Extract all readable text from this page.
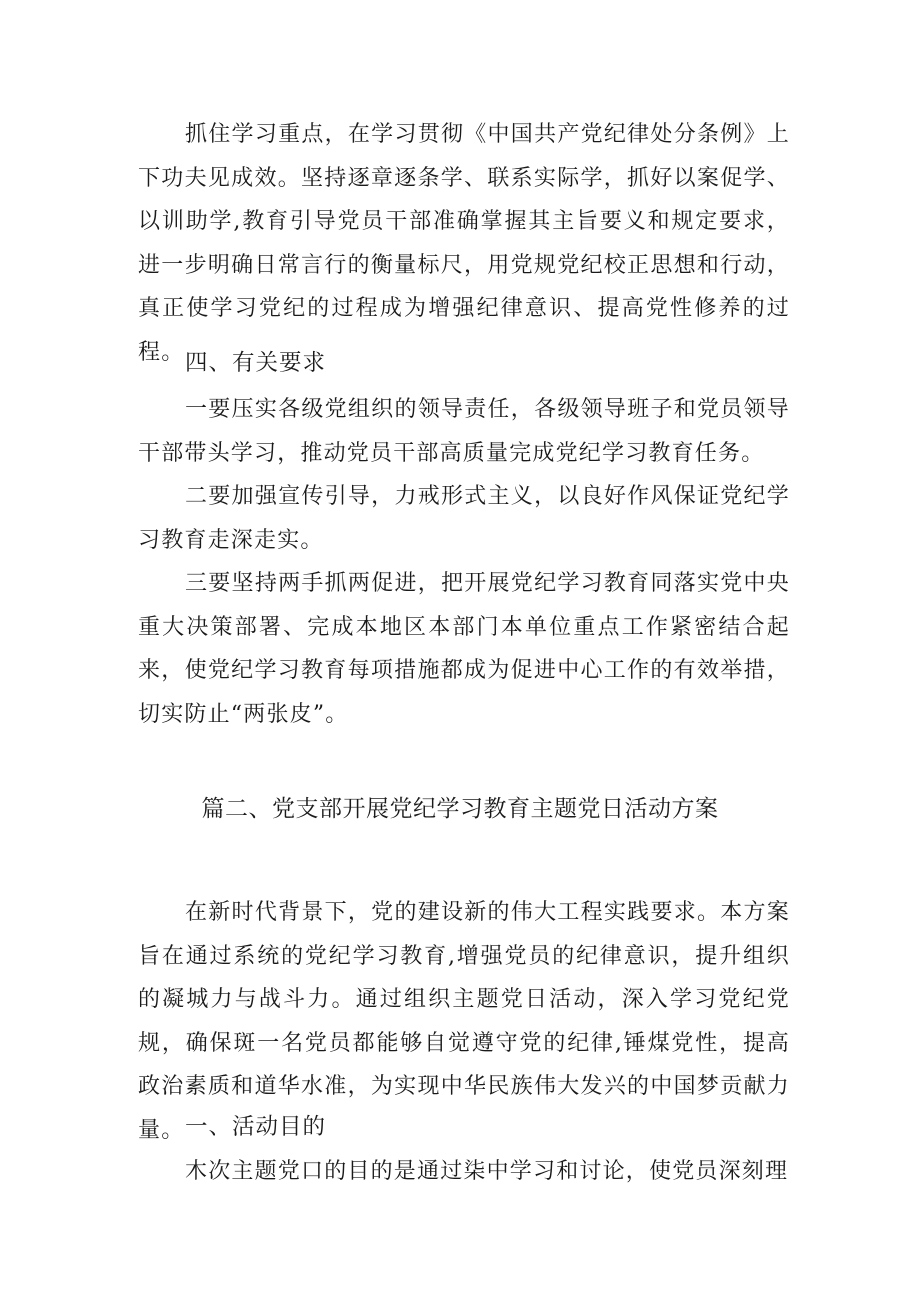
抓住学习重点，在学习贯彻《中国共产党纪律处分条例》上下功夫见成效。坚持逐章逐条学、联系实际学，抓好以案促学、以训助学,教育引导党员干部准确掌握其主旨要义和规定要求，进一步明确日常言行的衡量标尺，用党规党纪校正思想和行动，真正使学习党纪的过程成为增强纪律意识、提高党性修养的过程。 四、有关要求

一要压实各级党组织的领导责任，各级领导班子和党员领导干部带头学习，推动党员干部高质量完成党纪学习教育任务。

二要加强宣传引导，力戒形式主义，以良好作风保证党纪学习教育走深走实。

三要坚持两手抓两促进，把开展党纪学习教育同落实党中央重大决策部署、完成本地区本部门本单位重点工作紧密结合起来，使党纪学习教育每项措施都成为促进中心工作的有效举措，切实防止“两张皮”。

篇二、党支部开展党纪学习教育主题党日活动方案

在新时代背景下，党的建设新的伟大工程实践要求。本方案旨在通过系统的党纪学习教育,增强党员的纪律意识，提升组织的凝城力与战斗力。通过组织主题党日活动，深入学习党纪党规，确保斑一名党员都能够自觉遵守党的纪律,锤煤党性，提高政治素质和道华水准，为实现中华民族伟大发兴的中国梦贡献力量。 一、活动目的

木次主题党口的目的是通过柒中学习和讨论，使党员深刻理
